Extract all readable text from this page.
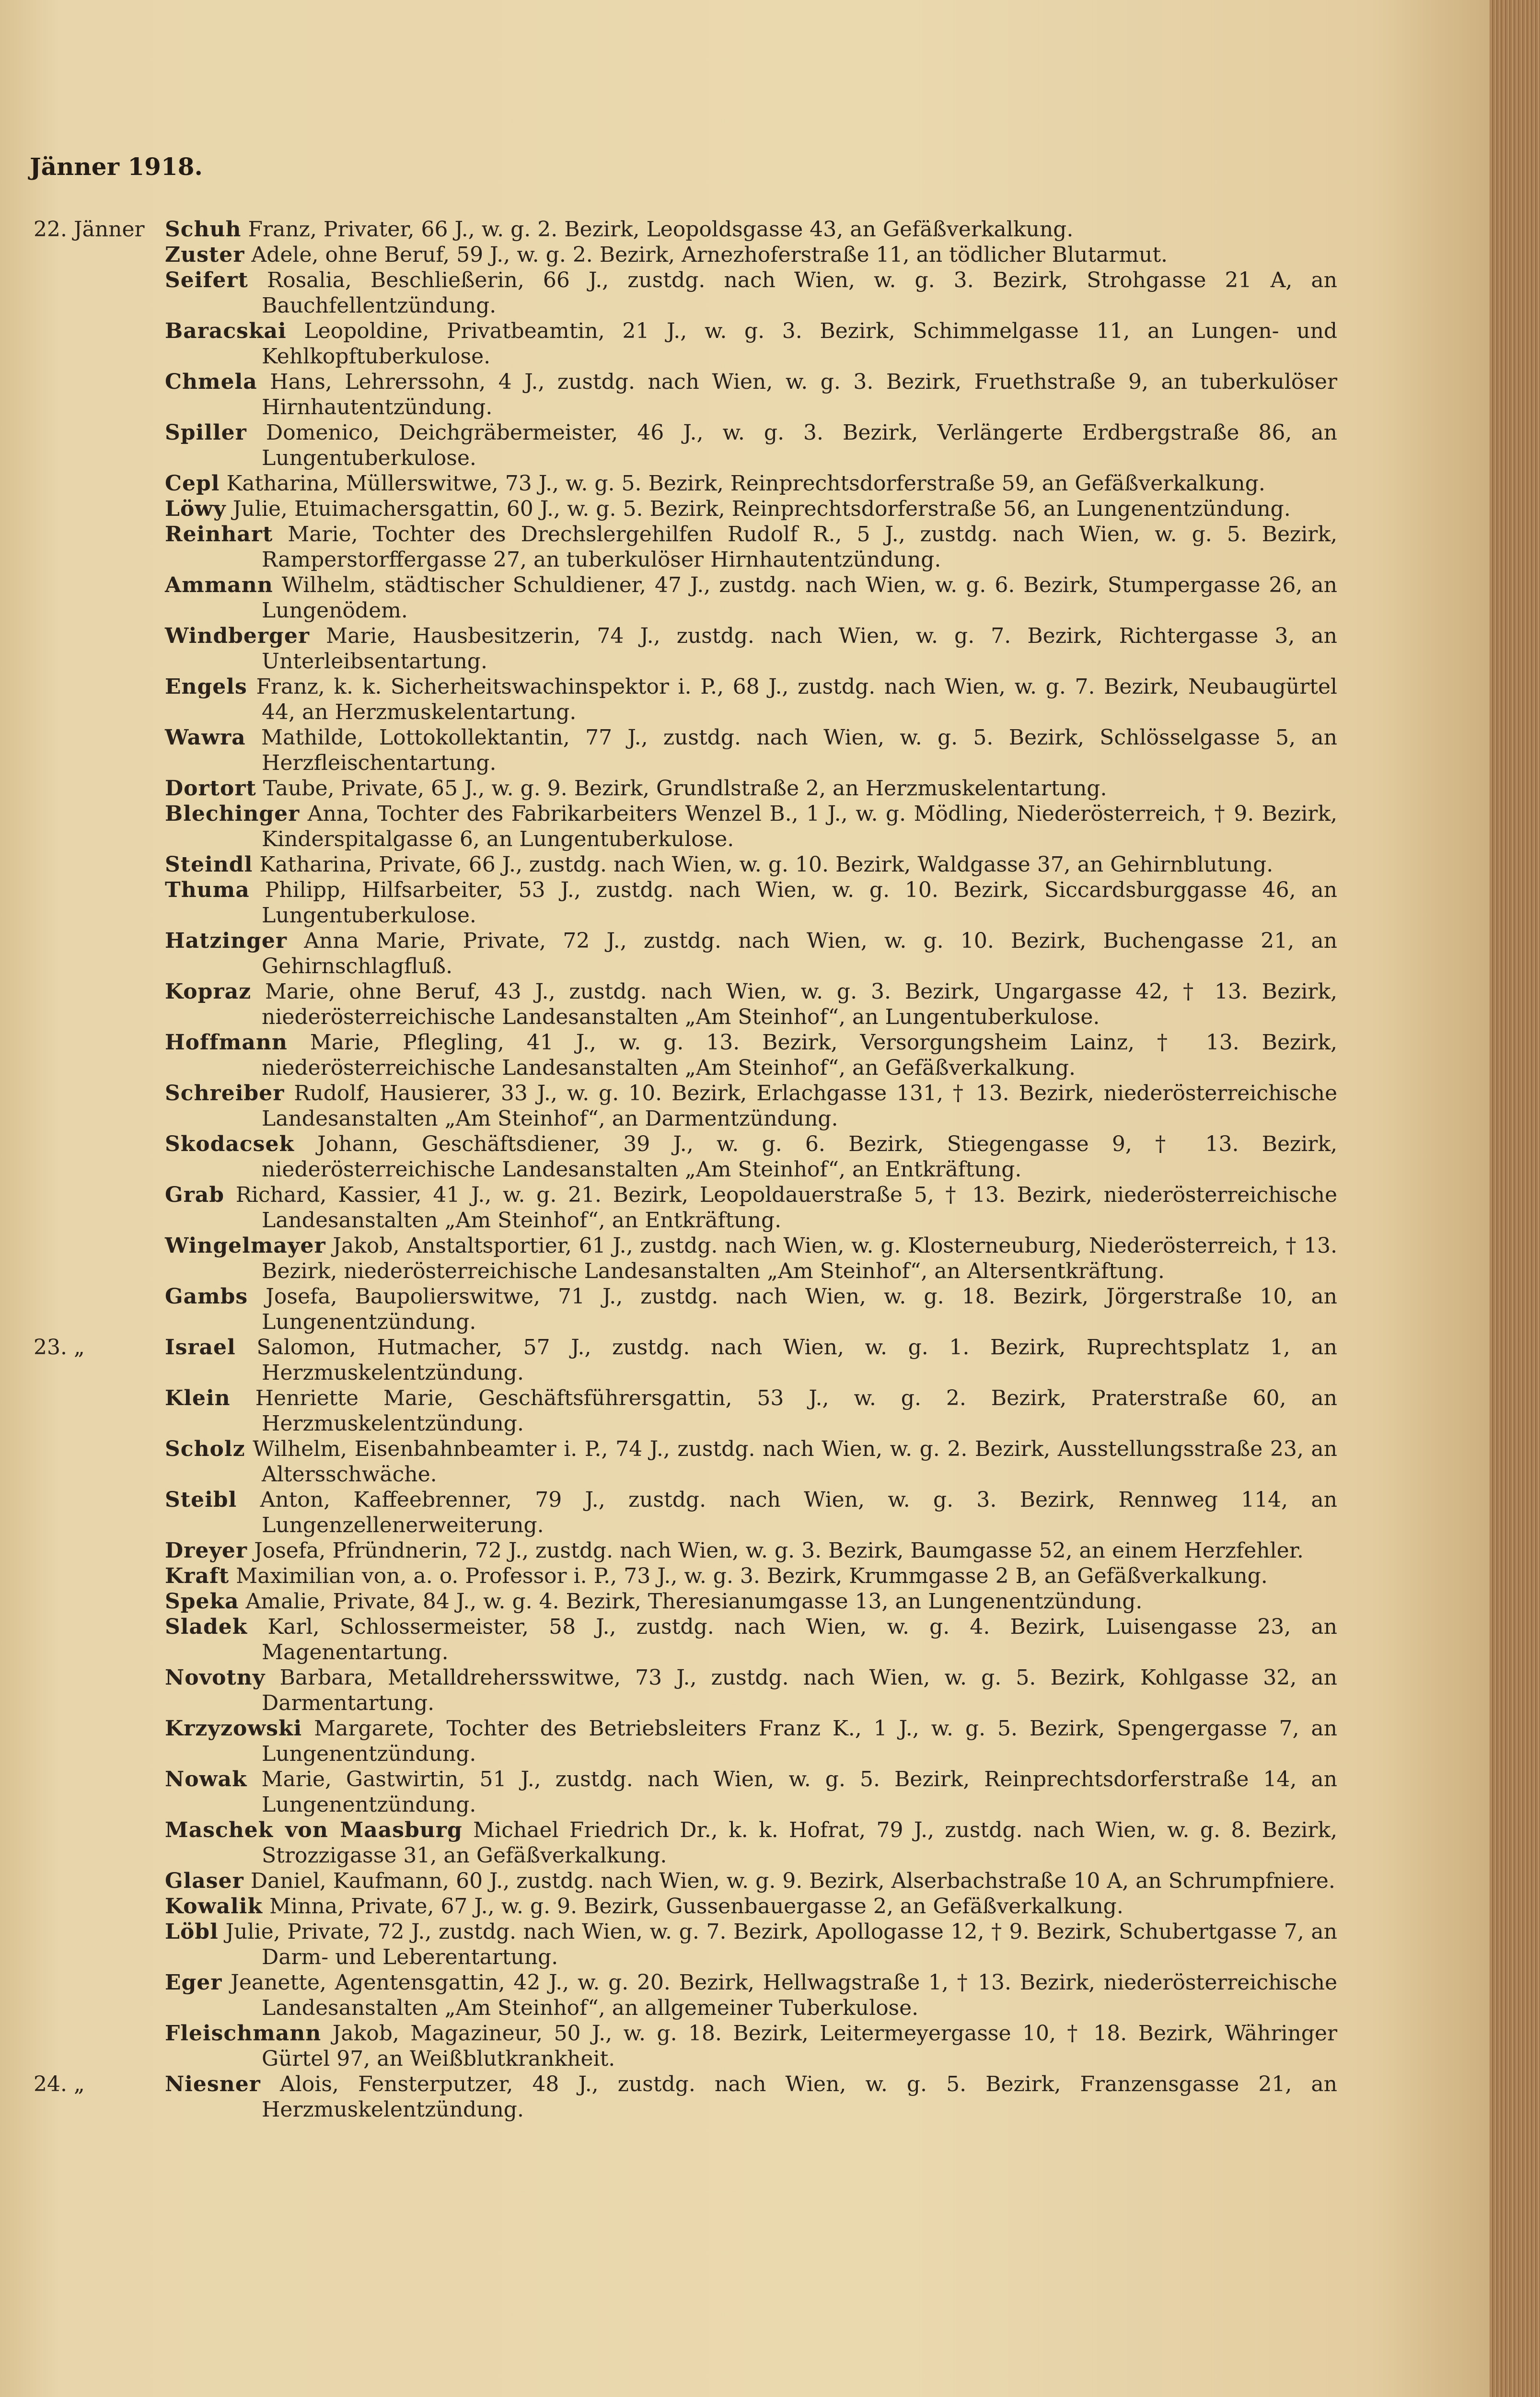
Jänner 1918.
22. Jänner Schuh Franz, Privater, 66 J., w. g. 2. Bezirk, Leopoldsgasse 43, an Gefäßverkalkung.
Zuster Adele, ohne Beruf, 59 J., w. g. 2. Bezirk, Arnezhoferstraße 11, an tödlicher Blutarmut.
Seifert Rosalia, Beschließerin, 66 J., zustdg. nach Wien, w. g. 3. Bezirk, Strohgasse 21 A, an Bauchfellentzündung.
Baracskai Leopoldine, Privatbeamtin, 21 J., w. g. 3. Bezirk, Schimmelgasse 11, an Lungen- und Kehlkopftuberkulose.
Chmela Hans, Lehrerssohn, 4 J., zustdg. nach Wien, w. g. 3. Bezirk, Fruethstraße 9, an tuberkulöser Hirnhautentzündung.
Spiller Domenico, Deichgräbermeister, 46 J., w. g. 3. Bezirk, Verlängerte Erdbergstraße 86, an Lungentuberkulose.
Cepl Katharina, Müllerswitwe, 73 J., w. g. 5. Bezirk, Reinprechtsdorferstraße 59, an Gefäßverkalkung.
Löwy Julie, Etuimachersgattin, 60 J., w. g. 5. Bezirk, Reinprechtsdorferstraße 56, an Lungenentzündung.
Reinhart Marie, Tochter des Drechslergehilfen Rudolf R., 5 J., zustdg. nach Wien, w. g. 5. Bezirk, Ramperstorffergasse 27, an tuberkulöser Hirnhautentzündung.
Ammann Wilhelm, städtischer Schuldiener, 47 J., zustdg. nach Wien, w. g. 6. Bezirk, Stumpergasse 26, an Lungenödem.
Windberger Marie, Hausbesitzerin, 74 J., zustdg. nach Wien, w. g. 7. Bezirk, Richtergasse 3, an Unterleibsentartung.
Engels Franz, k. k. Sicherheitswachinspektor i. P., 68 J., zustdg. nach Wien, w. g. 7. Bezirk, Neubaugürtel 44, an Herzmuskelentartung.
Wawra Mathilde, Lottokollektantin, 77 J., zustdg. nach Wien, w. g. 5. Bezirk, Schlösselgasse 5, an Herzfleischentartung.
Dortort Taube, Private, 65 J., w. g. 9. Bezirk, Grundlstraße 2, an Herzmuskelentartung.
Blechinger Anna, Tochter des Fabrikarbeiters Wenzel B., 1 J., w. g. Mödling, Niederösterreich, † 9. Bezirk, Kinderspitalgasse 6, an Lungentuberkulose.
Steindl Katharina, Private, 66 J., zustdg. nach Wien, w. g. 10. Bezirk, Waldgasse 37, an Gehirnblutung.
Thuma Philipp, Hilfsarbeiter, 53 J., zustdg. nach Wien, w. g. 10. Bezirk, Siccardsburggasse 46, an Lungentuberkulose.
Hatzinger Anna Marie, Private, 72 J., zustdg. nach Wien, w. g. 10. Bezirk, Buchengasse 21, an Gehirnschlagfluß.
Kopraz Marie, ohne Beruf, 43 J., zustdg. nach Wien, w. g. 3. Bezirk, Ungargasse 42, † 13. Bezirk, niederösterreichische Landesanstalten „Am Steinhof“, an Lungentuberkulose.
Hoffmann Marie, Pflegling, 41 J., w. g. 13. Bezirk, Versorgungsheim Lainz, † 13. Bezirk, niederösterreichische Landesanstalten „Am Steinhof“, an Gefäßverkalkung.
Schreiber Rudolf, Hausierer, 33 J., w. g. 10. Bezirk, Erlachgasse 131, † 13. Bezirk, niederösterreichische Landesanstalten „Am Steinhof“, an Darmentzündung.
Skodacsek Johann, Geschäftsdiener, 39 J., w. g. 6. Bezirk, Stiegengasse 9, † 13. Bezirk, niederösterreichische Landesanstalten „Am Steinhof“, an Entkräftung.
Grab Richard, Kassier, 41 J., w. g. 21. Bezirk, Leopoldauerstraße 5, † 13. Bezirk, niederösterreichische Landesanstalten „Am Steinhof“, an Entkräftung.
Wingelmayer Jakob, Anstaltsportier, 61 J., zustdg. nach Wien, w. g. Klosterneuburg, Niederösterreich, † 13. Bezirk, niederösterreichische Landesanstalten „Am Steinhof“, an Altersentkräftung.
Gambs Josefa, Baupolierswitwe, 71 J., zustdg. nach Wien, w. g. 18. Bezirk, Jörgerstraße 10, an Lungenentzündung.
23. „	Israel Salomon, Hutmacher, 57 J., zustdg. nach Wien, w. g. 1. Bezirk, Ruprechtsplatz 1, an Herzmuskelentzündung.
Klein Henriette Marie, Geschäftsführersgattin, 53 J., w. g. 2. Bezirk, Praterstraße 60, an Herzmuskelentzündung.
Scholz Wilhelm, Eisenbahnbeamter i. P., 74 J., zustdg. nach Wien, w. g. 2. Bezirk, Ausstellungsstraße 23, an Altersschwäche.
Steibl Anton, Kaffeebrenner, 79 J., zustdg. nach Wien, w. g. 3. Bezirk, Rennweg 114, an Lungenzellenerweiterung.
Dreyer Josefa, Pfründnerin, 72 J., zustdg. nach Wien, w. g. 3. Bezirk, Baumgasse 52, an einem Herzfehler.
Kraft Maximilian von, a. o. Professor i. P., 73 J., w. g. 3. Bezirk, Krummgasse 2 B, an Gefäßverkalkung.
Speka Amalie, Private, 84 J., w. g. 4. Bezirk, Theresianumgasse 13, an Lungenentzündung.
Sladek Karl, Schlossermeister, 58 J., zustdg. nach Wien, w. g. 4. Bezirk, Luisengasse 23, an Magenentartung.
Novotny Barbara, Metalldrehersswitwe, 73 J., zustdg. nach Wien, w. g. 5. Bezirk, Kohlgasse 32, an Darmentartung.
Krzyzowski Margarete, Tochter des Betriebsleiters Franz K., 1 J., w. g. 5. Bezirk, Spengergasse 7, an Lungenentzündung.
Nowak Marie, Gastwirtin, 51 J., zustdg. nach Wien, w. g. 5. Bezirk, Reinprechtsdorferstraße 14, an Lungenentzündung.
Maschek von Maasburg Michael Friedrich Dr., k. k. Hofrat, 79 J., zustdg. nach Wien, w. g. 8. Bezirk, Strozzigasse 31, an Gefäßverkalkung.
Glaser Daniel, Kaufmann, 60 J., zustdg. nach Wien, w. g. 9. Bezirk, Alserbachstraße 10 A, an Schrumpfniere.
Kowalik Minna, Private, 67 J., w. g. 9. Bezirk, Gussenbauergasse 2, an Gefäßverkalkung.
Löbl Julie, Private, 72 J., zustdg. nach Wien, w. g. 7. Bezirk, Apollogasse 12, † 9. Bezirk, Schubertgasse 7, an Darm- und Leberentartung.
Eger Jeanette, Agentensgattin, 42 J., w. g. 20. Bezirk, Hellwagstraße 1, † 13. Bezirk, niederösterreichische Landesanstalten „Am Steinhof“, an allgemeiner Tuberkulose.
Fleischmann Jakob, Magazineur, 50 J., w. g. 18. Bezirk, Leitermeyergasse 10, † 18. Bezirk, Währinger Gürtel 97, an Weißblutkrankheit.
24. „	Niesner Alois, Fensterputzer, 48 J., zustdg. nach Wien, w. g. 5. Bezirk, Franzensgasse 21, an Herzmuskelentzündung.
